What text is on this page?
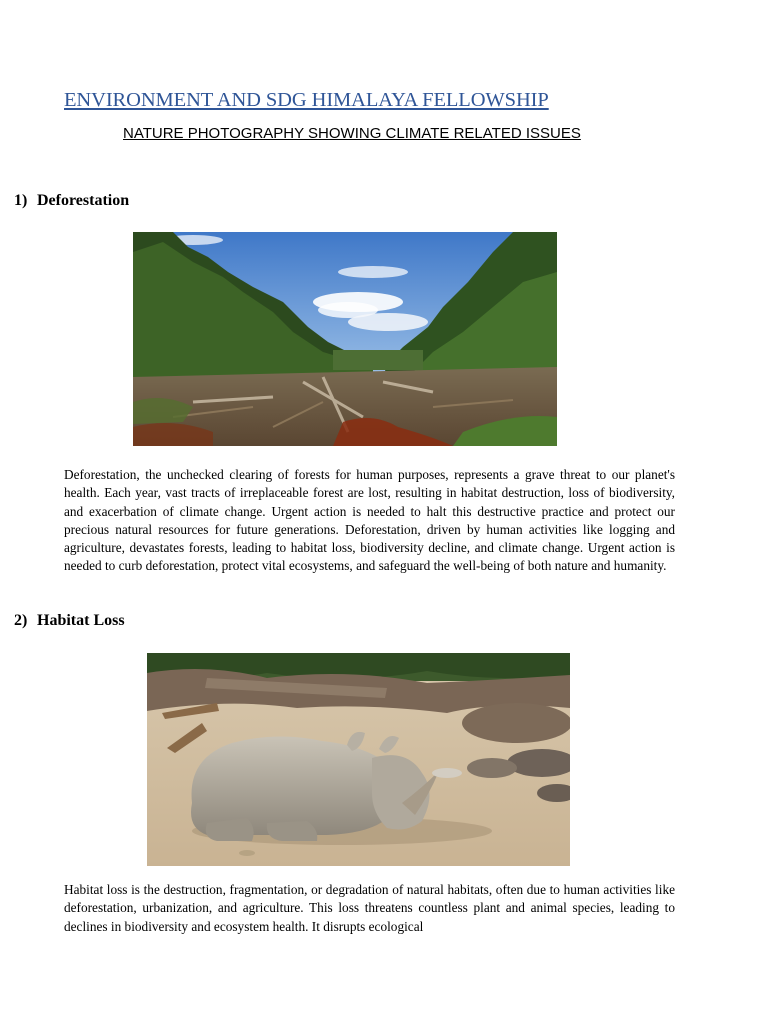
ENVIRONMENT AND SDG HIMALAYA FELLOWSHIP
NATURE PHOTOGRAPHY SHOWING CLIMATE RELATED ISSUES
1) Deforestation

Deforestation, the unchecked clearing of forests for human purposes, represents a grave threat to our planet's health. Each year, vast tracts of irreplaceable forest are lost, resulting in habitat destruction, loss of biodiversity, and exacerbation of climate change. Urgent action is needed to halt this destructive practice and protect our precious natural resources for future generations. Deforestation, driven by human activities like logging and agriculture, devastates forests, leading to habitat loss, biodiversity decline, and climate change. Urgent action is needed to curb deforestation, protect vital ecosystems, and safeguard the well-being of both nature and humanity.

2) Habitat Loss

Habitat loss is the destruction, fragmentation, or degradation of natural habitats, often due to human activities like deforestation, urbanization, and agriculture. This loss threatens countless plant and animal species, leading to declines in biodiversity and ecosystem health. It disrupts ecological
